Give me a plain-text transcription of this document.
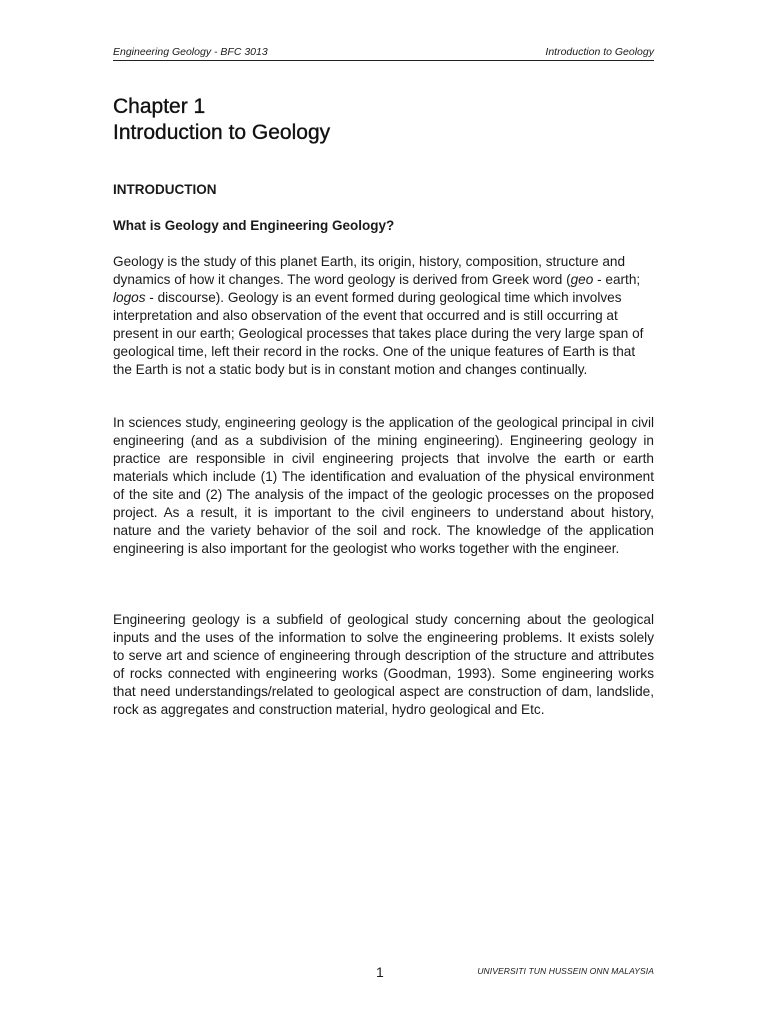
Engineering Geology - BFC 3013	Introduction to Geology
Chapter 1
Introduction to Geology
INTRODUCTION
What is Geology and Engineering Geology?

Geology is the study of this planet Earth, its origin, history, composition, structure and dynamics of how it changes. The word geology is derived from Greek word (geo - earth; logos - discourse). Geology is an event formed during geological time which involves interpretation and also observation of the event that occurred and is still occurring at present in our earth; Geological processes that takes place during the very large span of geological time, left their record in the rocks. One of the unique features of Earth is that the Earth is not a static body but is in constant motion and changes continually.

In sciences study, engineering geology is the application of the geological principal in civil engineering (and as a subdivision of the mining engineering). Engineering geology in practice are responsible in civil engineering projects that involve the earth or earth materials which include (1) The identification and evaluation of the physical environment of the site and (2) The analysis of the impact of the geologic processes on the proposed project. As a result, it is important to the civil engineers to understand about history, nature and the variety behavior of the soil and rock. The knowledge of the application engineering is also important for the geologist who works together with the engineer.

Engineering geology is a subfield of geological study concerning about the geological inputs and the uses of the information to solve the engineering problems. It exists solely to serve art and science of engineering through description of the structure and attributes of rocks connected with engineering works (Goodman, 1993). Some engineering works that need understandings/related to geological aspect are construction of dam, landslide, rock as aggregates and construction material, hydro geological and Etc.

1	UNIVERSITI TUN HUSSEIN ONN MALAYSIA
